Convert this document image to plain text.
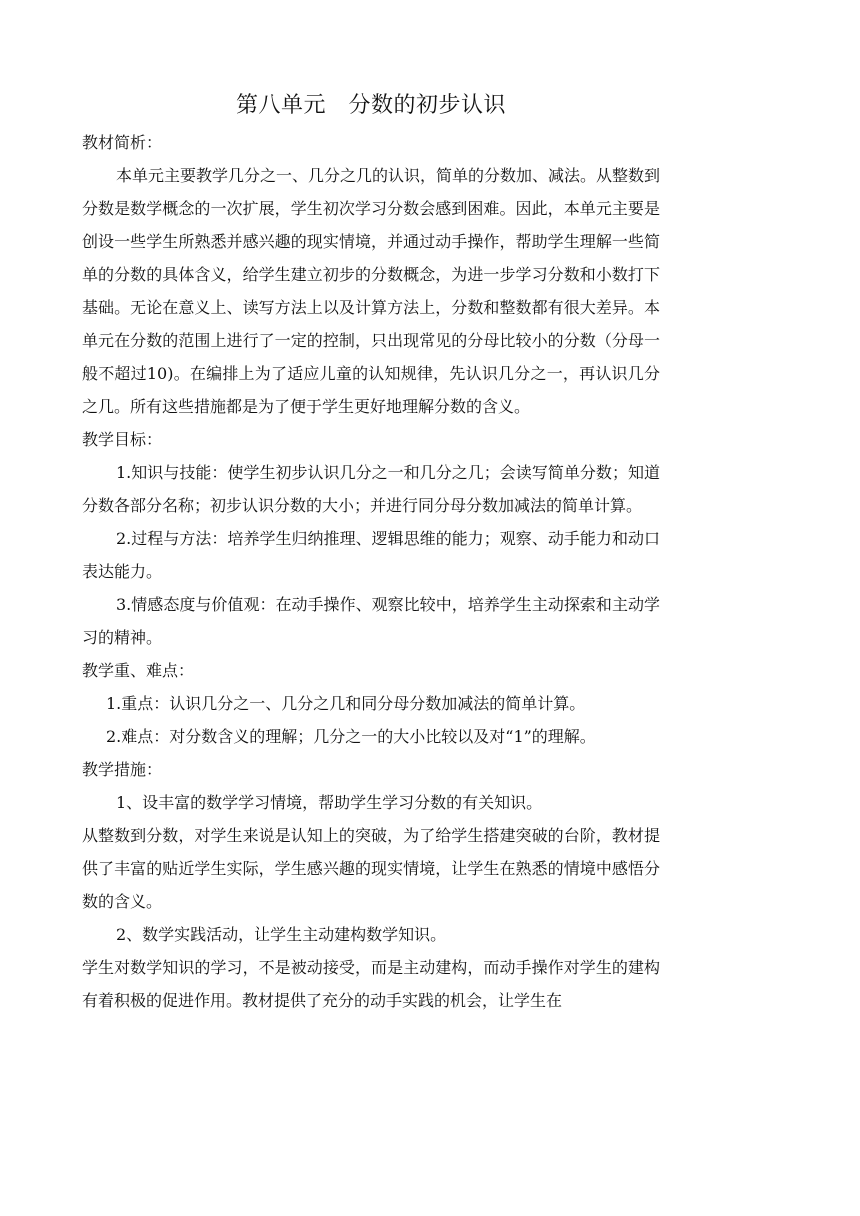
第八单元　分数的初步认识
教材简析：

本单元主要教学几分之一、几分之几的认识，简单的分数加、减法。从整数到分数是数学概念的一次扩展，学生初次学习分数会感到困难。因此，本单元主要是创设一些学生所熟悉并感兴趣的现实情境，并通过动手操作，帮助学生理解一些简单的分数的具体含义，给学生建立初步的分数概念，为进一步学习分数和小数打下基础。无论在意义上、读写方法上以及计算方法上，分数和整数都有很大差异。本单元在分数的范围上进行了一定的控制，只出现常见的分母比较小的分数（分母一般不超过10)。在编排上为了适应儿童的认知规律，先认识几分之一，再认识几分之几。所有这些措施都是为了便于学生更好地理解分数的含义。

教学目标：

1.知识与技能：使学生初步认识几分之一和几分之几；会读写简单分数；知道分数各部分名称；初步认识分数的大小；并进行同分母分数加减法的简单计算。

2.过程与方法：培养学生归纳推理、逻辑思维的能力；观察、动手能力和动口表达能力。

3.情感态度与价值观：在动手操作、观察比较中，培养学生主动探索和主动学习的精神。

教学重、难点：

1.重点：认识几分之一、几分之几和同分母分数加减法的简单计算。

2.难点：对分数含义的理解；几分之一的大小比较以及对“1”的理解。

教学措施：

1、设丰富的数学学习情境，帮助学生学习分数的有关知识。

从整数到分数，对学生来说是认知上的突破，为了给学生搭建突破的台阶，教材提供了丰富的贴近学生实际，学生感兴趣的现实情境，让学生在熟悉的情境中感悟分数的含义。

2、数学实践活动，让学生主动建构数学知识。

学生对数学知识的学习，不是被动接受，而是主动建构，而动手操作对学生的建构有着积极的促进作用。教材提供了充分的动手实践的机会，让学生在
